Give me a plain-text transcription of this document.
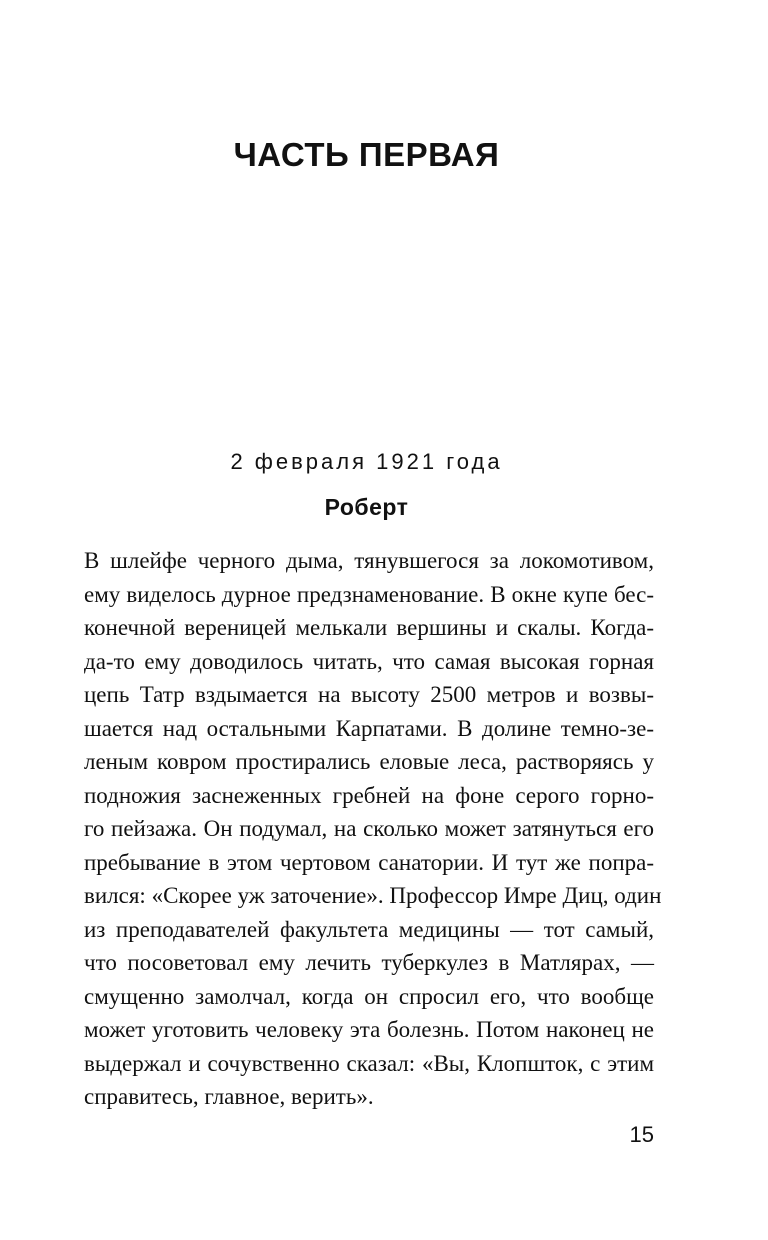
ЧАСТЬ ПЕРВАЯ
2 февраля 1921 года
Роберт
В шлейфе черного дыма, тянувшегося за локомотивом,
ему виделось дурное предзнаменование. В окне купе бес-
конечной вереницей мелькали вершины и скалы. Когда-
да-то ему доводилось читать, что самая высокая горная
цепь Татр вздымается на высоту 2500 метров и возвы-
шается над остальными Карпатами. В долине темно-зе-
леным ковром простирались еловые леса, растворяясь у
подножия заснеженных гребней на фоне серого горно-
го пейзажа. Он подумал, на сколько может затянуться его
пребывание в этом чертовом санатории. И тут же попра-
вился: «Скорее уж заточение». Профессор Имре Диц, один
из преподавателей факультета медицины — тот самый,
что посоветовал ему лечить туберкулез в Матлярах, —
смущенно замолчал, когда он спросил его, что вообще
может уготовить человеку эта болезнь. Потом наконец не
выдержал и сочувственно сказал: «Вы, Клопшток, с этим
справитесь, главное, верить».
15
